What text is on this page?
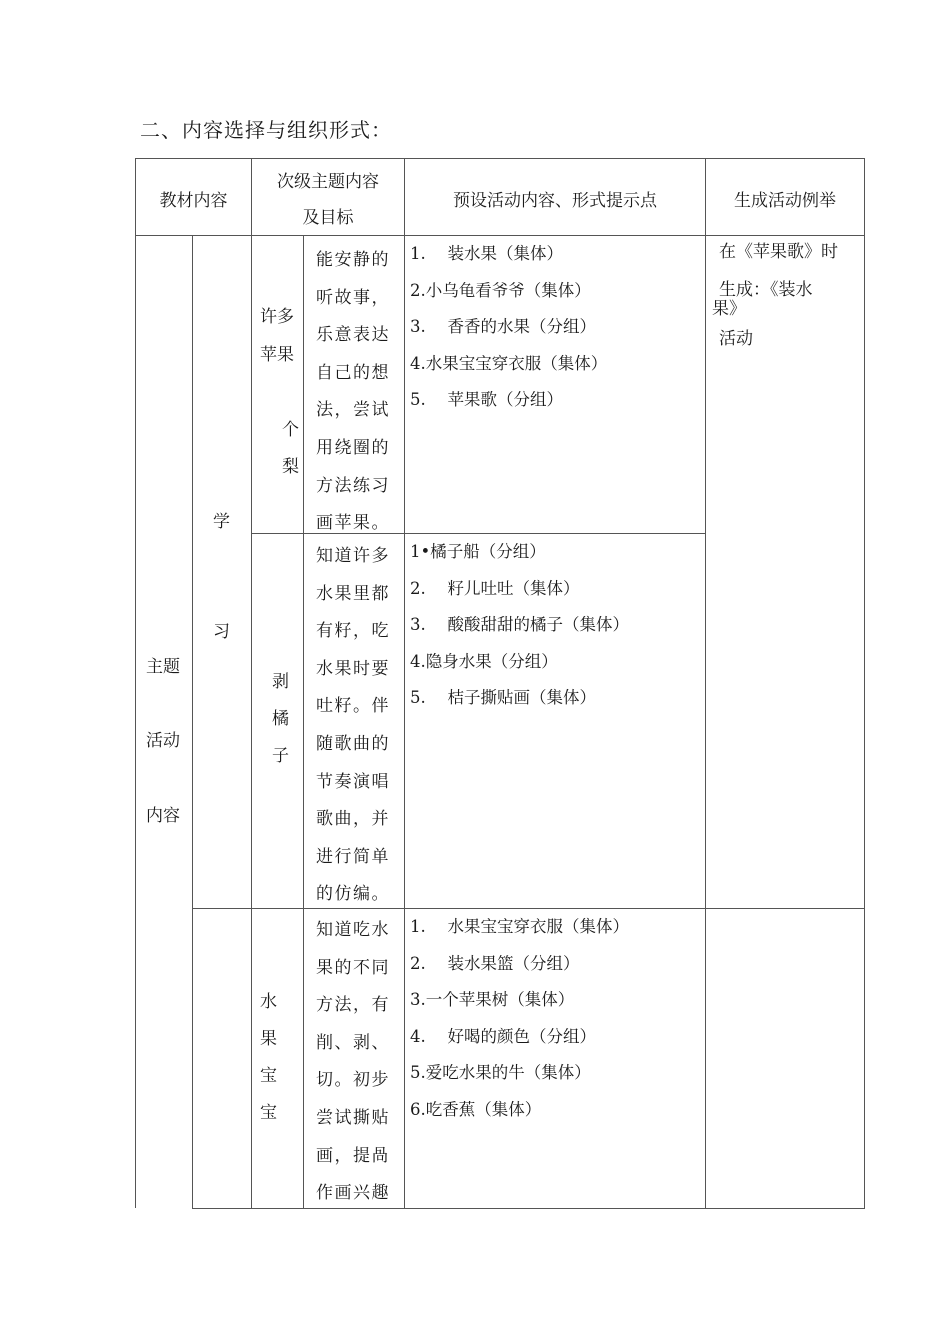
二、内容选择与组织形式：
教材内容
次级主题内容
及目标
预设活动内容、形式提示点	生成活动例举
主题
活动
内容
学
习
许多
苹果
个
梨
能安静的
听故事，
乐意表达
自己的想
法，尝试
用绕圈的
方法练习
画苹果。
1.　 装水果（集体）
2.小乌龟看爷爷（集体）
3.　 香香的水果（分组）
4.水果宝宝穿衣服（集体）
5.　 苹果歌（分组）
在《苹果歌》时
生成：《装水
果》
活动
剥
橘
子
知道许多
水果里都
有籽，吃
水果时要
吐籽。伴
随歌曲的
节奏演唱
歌曲，并
进行简单
的仿编。
1•橘子船（分组）
2.　 籽儿吐吐（集体）
3.　 酸酸甜甜的橘子（集体）
4.隐身水果（分组）
5.　 桔子撕贴画（集体）
水
果
宝
宝
知道吃水
果的不同
方法，有
削、剥、
切。初步
尝试撕贴
画，提咼
作画兴趣
1.　 水果宝宝穿衣服（集体）
2.　 装水果篮（分组）
3.一个苹果树（集体）
4.　 好喝的颜色（分组）
5.爱吃水果的牛（集体）
6.吃香蕉（集体）
